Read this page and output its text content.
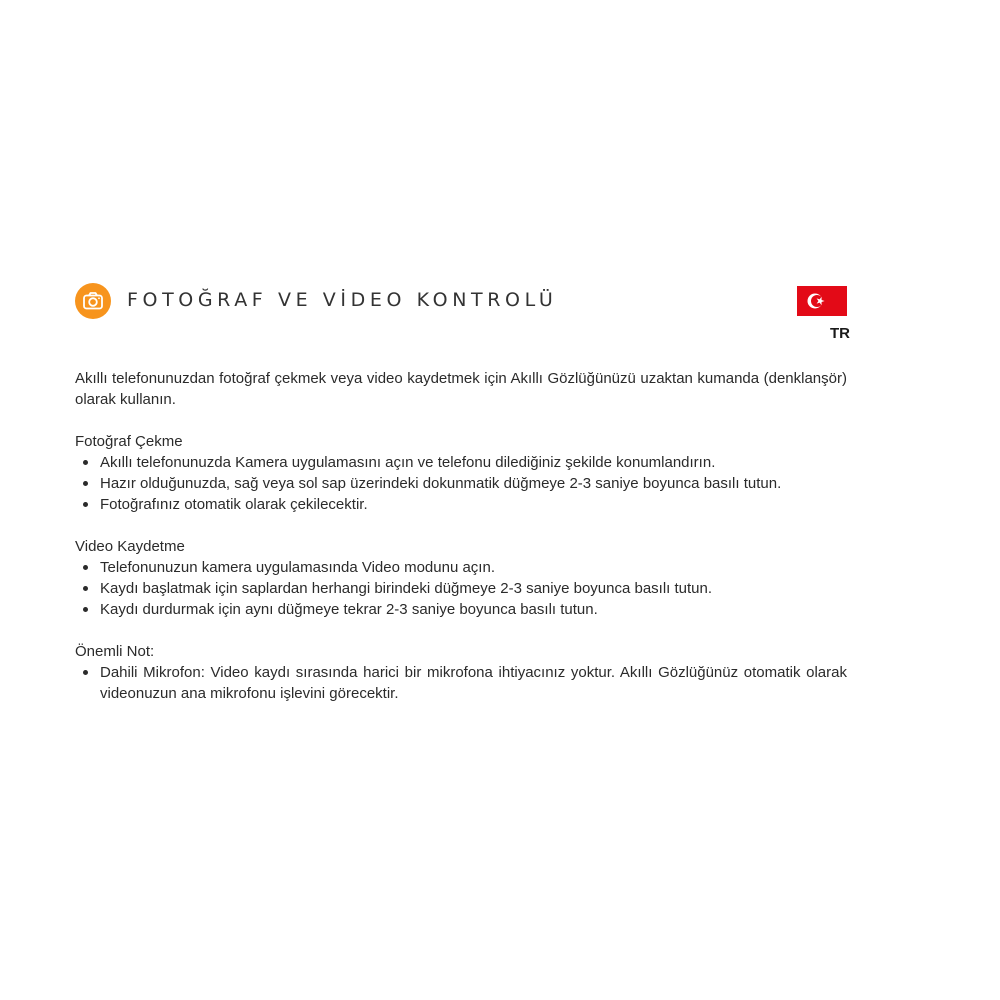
FOTOĞRAF VE VİDEO KONTROLÜ
TR

Akıllı telefonunuzdan fotoğraf çekmek veya video kaydetmek için Akıllı Gözlüğünüzü uzaktan kumanda (denklanşör) olarak kullanın.

Fotoğraf Çekme

Akıllı telefonunuzda Kamera uygulamasını açın ve telefonu dilediğiniz şekilde konumlandırın.
Hazır olduğunuzda, sağ veya sol sap üzerindeki dokunmatik düğmeye 2-3 saniye boyunca basılı tutun.
Fotoğrafınız otomatik olarak çekilecektir.

Video Kaydetme

Telefonunuzun kamera uygulamasında Video modunu açın.
Kaydı başlatmak için saplardan herhangi birindeki düğmeye 2-3 saniye boyunca basılı tutun.
Kaydı durdurmak için aynı düğmeye tekrar 2-3 saniye boyunca basılı tutun.

Önemli Not:

Dahili Mikrofon: Video kaydı sırasında harici bir mikrofona ihtiyacınız yoktur. Akıllı Gözlüğünüz otomatik olarak videonuzun ana mikrofonu işlevini görecektir.
